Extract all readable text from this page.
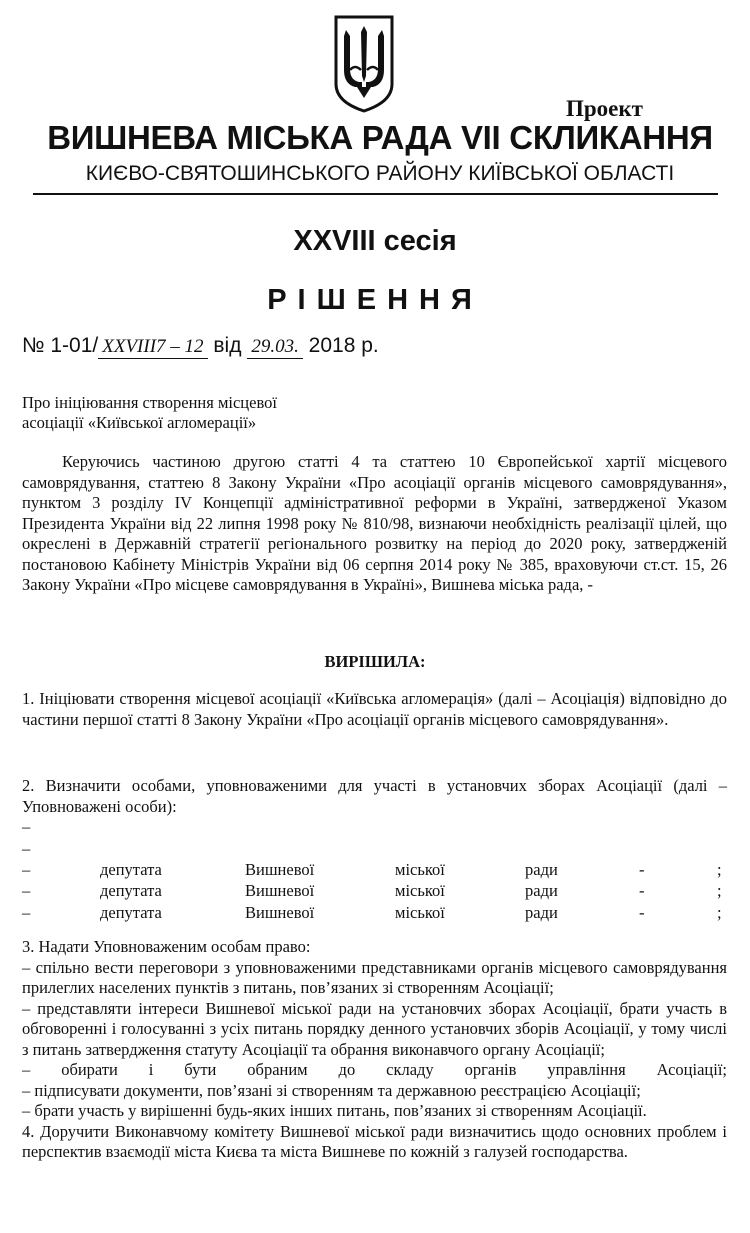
Проект
ВИШНЕВА МІСЬКА РАДА VII СКЛИКАННЯ
КИЄВО-СВЯТОШИНСЬКОГО РАЙОНУ КИЇВСЬКОЇ ОБЛАСТІ
XXVIII сесія
РІШЕННЯ
№ 1-01/ XXVIII7 – 12 від 29.03. 2018 р.
Про ініціювання створення місцевої
асоціації «Київської агломерації»
Керуючись частиною другою статті 4 та статтею 10 Європейської хартії місцевого самоврядування, статтею 8 Закону України «Про асоціації органів місцевого самоврядування», пунктом 3 розділу IV Концепції адміністративної реформи в Україні, затвердженої Указом Президента України від 22 липня 1998 року № 810/98, визнаючи необхідність реалізації цілей, що окреслені в Державній стратегії регіонального розвитку на період до 2020 року, затвердженій постановою Кабінету Міністрів України від 06 серпня 2014 року № 385, враховуючи ст.ст. 15, 26 Закону України «Про місцеве самоврядування в Україні», Вишнева міська рада, -
ВИРІШИЛА:
1. Ініціювати створення місцевої асоціації «Київська агломерація» (далі – Асоціація) відповідно до частини першої статті 8 Закону України «Про асоціації органів місцевого самоврядування».
2. Визначити особами, уповноваженими для участі в установчих зборах Асоціації (далі – Уповноважені особи):
–
–
–	депутата	Вишневої	міської	ради	-	;
–	депутата	Вишневої	міської	ради	-	;
–	депутата	Вишневої	міської	ради	-	;
3. Надати Уповноваженим особам право:
– спільно вести переговори з уповноваженими представниками органів місцевого самоврядування прилеглих населених пунктів з питань, пов’язаних зі створенням Асоціації;
– представляти інтереси Вишневої міської ради на установчих зборах Асоціації, брати участь в обговоренні і голосуванні з усіх питань порядку денного установчих зборів Асоціації, у тому числі з питань затвердження статуту Асоціації та обрання виконавчого органу Асоціації;
– обирати і бути обраним до складу органів управління Асоціації;
– підписувати документи, пов’язані зі створенням та державною реєстрацією Асоціації;
– брати участь у вирішенні будь-яких інших питань, пов’язаних зі створенням Асоціації.
4. Доручити Виконавчому комітету Вишневої міської ради визначитись щодо основних проблем і перспектив взаємодії міста Києва та міста Вишневе по кожній з галузей господарства.
